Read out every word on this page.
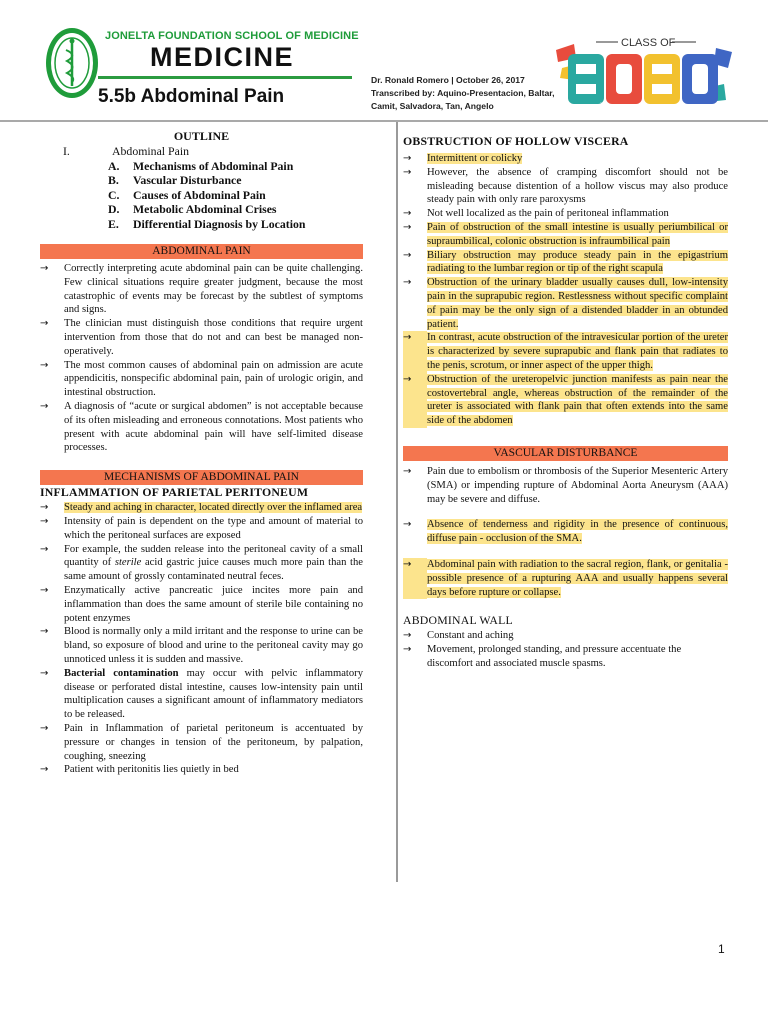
JONELTA FOUNDATION SCHOOL OF MEDICINE
MEDICINE
5.5b Abdominal Pain
Dr. Ronald Romero | October 26, 2017
Transcribed by: Aquino-Presentacion, Baltar,
Camit, Salvadora, Tan, Angelo
CLASS OF
2020
OUTLINE
I.	Abdominal Pain
A.	Mechanisms of Abdominal Pain
B.	Vascular Disturbance
C.	Causes of Abdominal Pain
D.	Metabolic Abdominal Crises
E.	Differential Diagnosis by Location
ABDOMINAL PAIN
→	Correctly interpreting acute abdominal pain can be quite challenging. Few clinical situations require greater judgment, because the most catastrophic of events may be forecast by the subtlest of symptoms and signs.
→	The clinician must distinguish those conditions that require urgent intervention from those that do not and can best be managed non-operatively.
→	The most common causes of abdominal pain on admission are acute appendicitis, nonspecific abdominal pain, pain of urologic origin, and intestinal obstruction.
→	A diagnosis of “acute or surgical abdomen” is not acceptable because of its often misleading and erroneous connotations. Most patients who present with acute abdominal pain will have self-limited disease processes.
MECHANISMS OF ABDOMINAL PAIN
INFLAMMATION OF PARIETAL PERITONEUM
→	Steady and aching in character, located directly over the inflamed area
→	Intensity of pain is dependent on the type and amount of material to which the peritoneal surfaces are exposed
→	For example, the sudden release into the peritoneal cavity of a small quantity of sterile acid gastric juice causes much more pain than the same amount of grossly contaminated neutral feces.
→	Enzymatically active pancreatic juice incites more pain and inflammation than does the same amount of sterile bile containing no potent enzymes
→	Blood is normally only a mild irritant and the response to urine can be bland, so exposure of blood and urine to the peritoneal cavity may go unnoticed unless it is sudden and massive.
→	Bacterial contamination may occur with pelvic inflammatory disease or perforated distal intestine, causes low-intensity pain until multiplication causes a significant amount of inflammatory mediators to be released.
→	Pain in Inflammation of parietal peritoneum is accentuated by pressure or changes in tension of the peritoneum, by palpation, coughing, sneezing
→	Patient with peritonitis lies quietly in bed
OBSTRUCTION OF HOLLOW VISCERA
→	Intermittent or colicky
→	However, the absence of cramping discomfort should not be misleading because distention of a hollow viscus may also produce steady pain with only rare paroxysms
→	Not well localized as the pain of peritoneal inflammation
→	Pain of obstruction of the small intestine is usually periumbilical or supraumbilical, colonic obstruction is infraumbilical pain
→	Biliary obstruction may produce steady pain in the epigastrium radiating to the lumbar region or tip of the right scapula
→	Obstruction of the urinary bladder usually causes dull, low-intensity pain in the suprapubic region. Restlessness without specific complaint of pain may be the only sign of a distended bladder in an obtunded patient.
→	In contrast, acute obstruction of the intravesicular portion of the ureter is characterized by severe suprapubic and flank pain that radiates to the penis, scrotum, or inner aspect of the upper thigh.
→	Obstruction of the ureteropelvic junction manifests as pain near the costovertebral angle, whereas obstruction of the remainder of the ureter is associated with flank pain that often extends into the same side of the abdomen
VASCULAR DISTURBANCE
→	Pain due to embolism or thrombosis of the Superior Mesenteric Artery (SMA) or impending rupture of Abdominal Aorta Aneurysm (AAA) may be severe and diffuse.
→	Absence of tenderness and rigidity in the presence of continuous, diffuse pain - occlusion of the SMA.
→	Abdominal pain with radiation to the sacral region, flank, or genitalia - possible presence of a rupturing AAA and usually happens several days before rupture or collapse.
ABDOMINAL WALL
→	Constant and aching
→	Movement, prolonged standing, and pressure accentuate the discomfort and associated muscle spasms.
1
